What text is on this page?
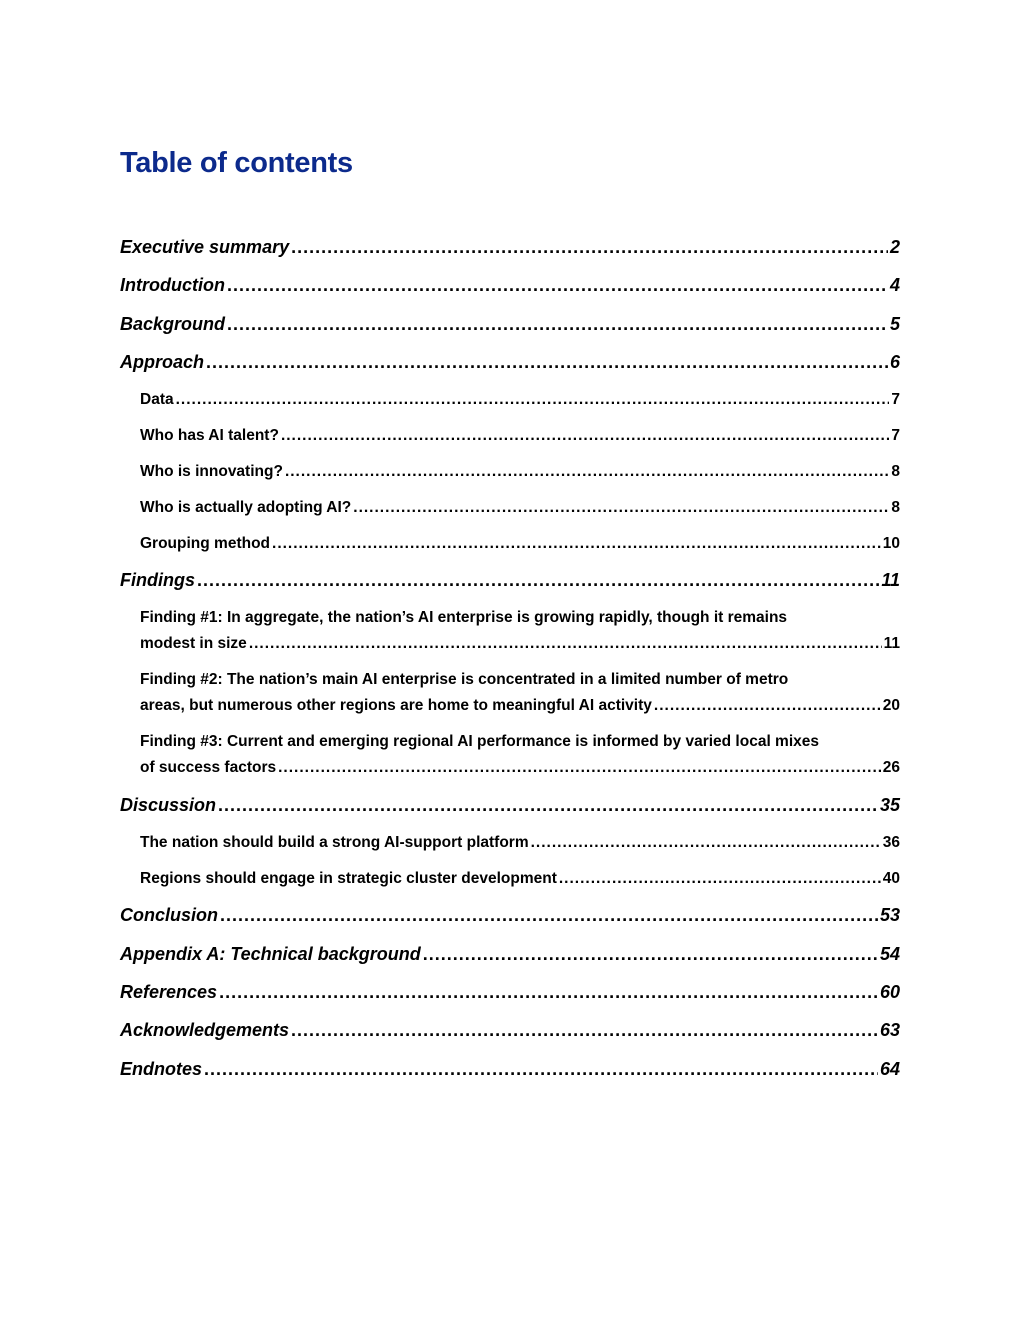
Table of contents
Executive summary .....	2
Introduction .....	4
Background .....	5
Approach .....	6
Data .....	7
Who has AI talent? .....	7
Who is innovating? .....	8
Who is actually adopting AI? .....	8
Grouping method .....	10
Findings .....	11
Finding #1: In aggregate, the nation’s AI enterprise is growing rapidly, though it remains
modest in size .....	11
Finding #2: The nation’s main AI enterprise is concentrated in a limited number of metro
areas, but numerous other regions are home to meaningful AI activity .....	20
Finding #3: Current and emerging regional AI performance is informed by varied local mixes
of success factors .....	26
Discussion .....	35
The nation should build a strong AI-support platform .....	36
Regions should engage in strategic cluster development .....	40
Conclusion .....	53
Appendix A: Technical background .....	54
References .....	60
Acknowledgements .....	63
Endnotes .....	64
